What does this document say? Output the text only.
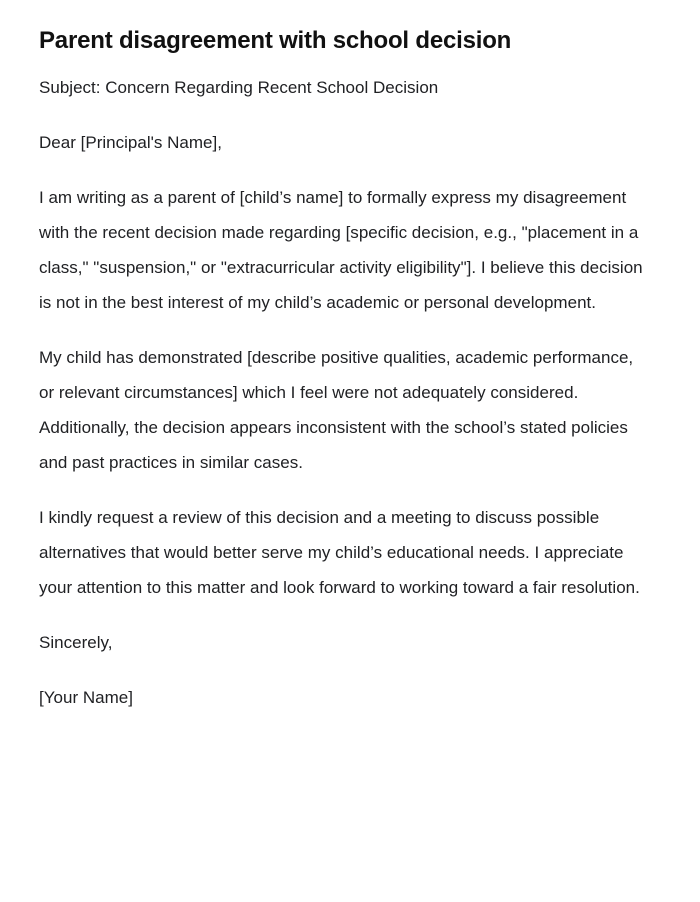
Parent disagreement with school decision

Subject: Concern Regarding Recent School Decision

Dear [Principal's Name],

I am writing as a parent of [child’s name] to formally express my disagreement with the recent decision made regarding [specific decision, e.g., "placement in a class," "suspension," or "extracurricular activity eligibility"]. I believe this decision is not in the best interest of my child’s academic or personal development.

My child has demonstrated [describe positive qualities, academic performance, or relevant circumstances] which I feel were not adequately considered. Additionally, the decision appears inconsistent with the school’s stated policies and past practices in similar cases.

I kindly request a review of this decision and a meeting to discuss possible alternatives that would better serve my child’s educational needs. I appreciate your attention to this matter and look forward to working toward a fair resolution.

Sincerely,

[Your Name]
